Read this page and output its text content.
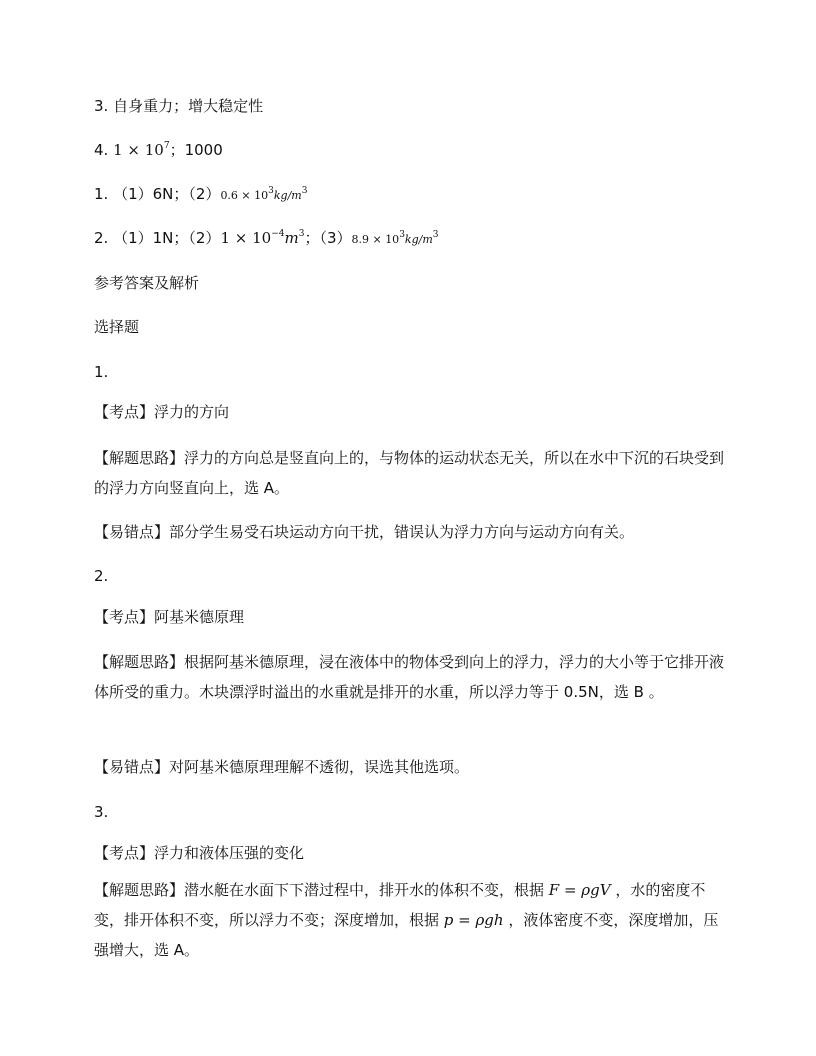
3. 自身重力；增大稳定性
4. $1 \times 10^7$；1000
1. （1）6N；$(2)0.6 \times 10^3kg/m^3$
2. （1）1N；$(2)1 \times 10^{-4}m^3$；$(3)8.9 \times 10^3kg/m^3$
参考答案及解析
选择题
1.
【考点】浮力的方向
【解题思路】浮力的方向总是竖直向上的，与物体的运动状态无关，所以在水中下沉的石块受到的浮力方向竖直向上，选 A。
【易错点】部分学生易受石块运动方向干扰，错误认为浮力方向与运动方向有关。
2.
【考点】阿基米德原理
【解题思路】根据阿基米德原理，浸在液体中的物体受到向上的浮力，浮力的大小等于它排开液体所受的重力。木块漂浮时溢出的水重就是排开的水重，所以浮力等于 0.5N，选 B 。
【易错点】对阿基米德原理理解不透彻，误选其他选项。
3.
【考点】浮力和液体压强的变化
【解题思路】潜水艇在水面下下潜过程中，排开水的体积不变，根据 F = ρgV ，水的密度不变，排开体积不变，所以浮力不变；深度增加，根据 p = ρgh ，液体密度不变，深度增加，压强增大，选 A。
